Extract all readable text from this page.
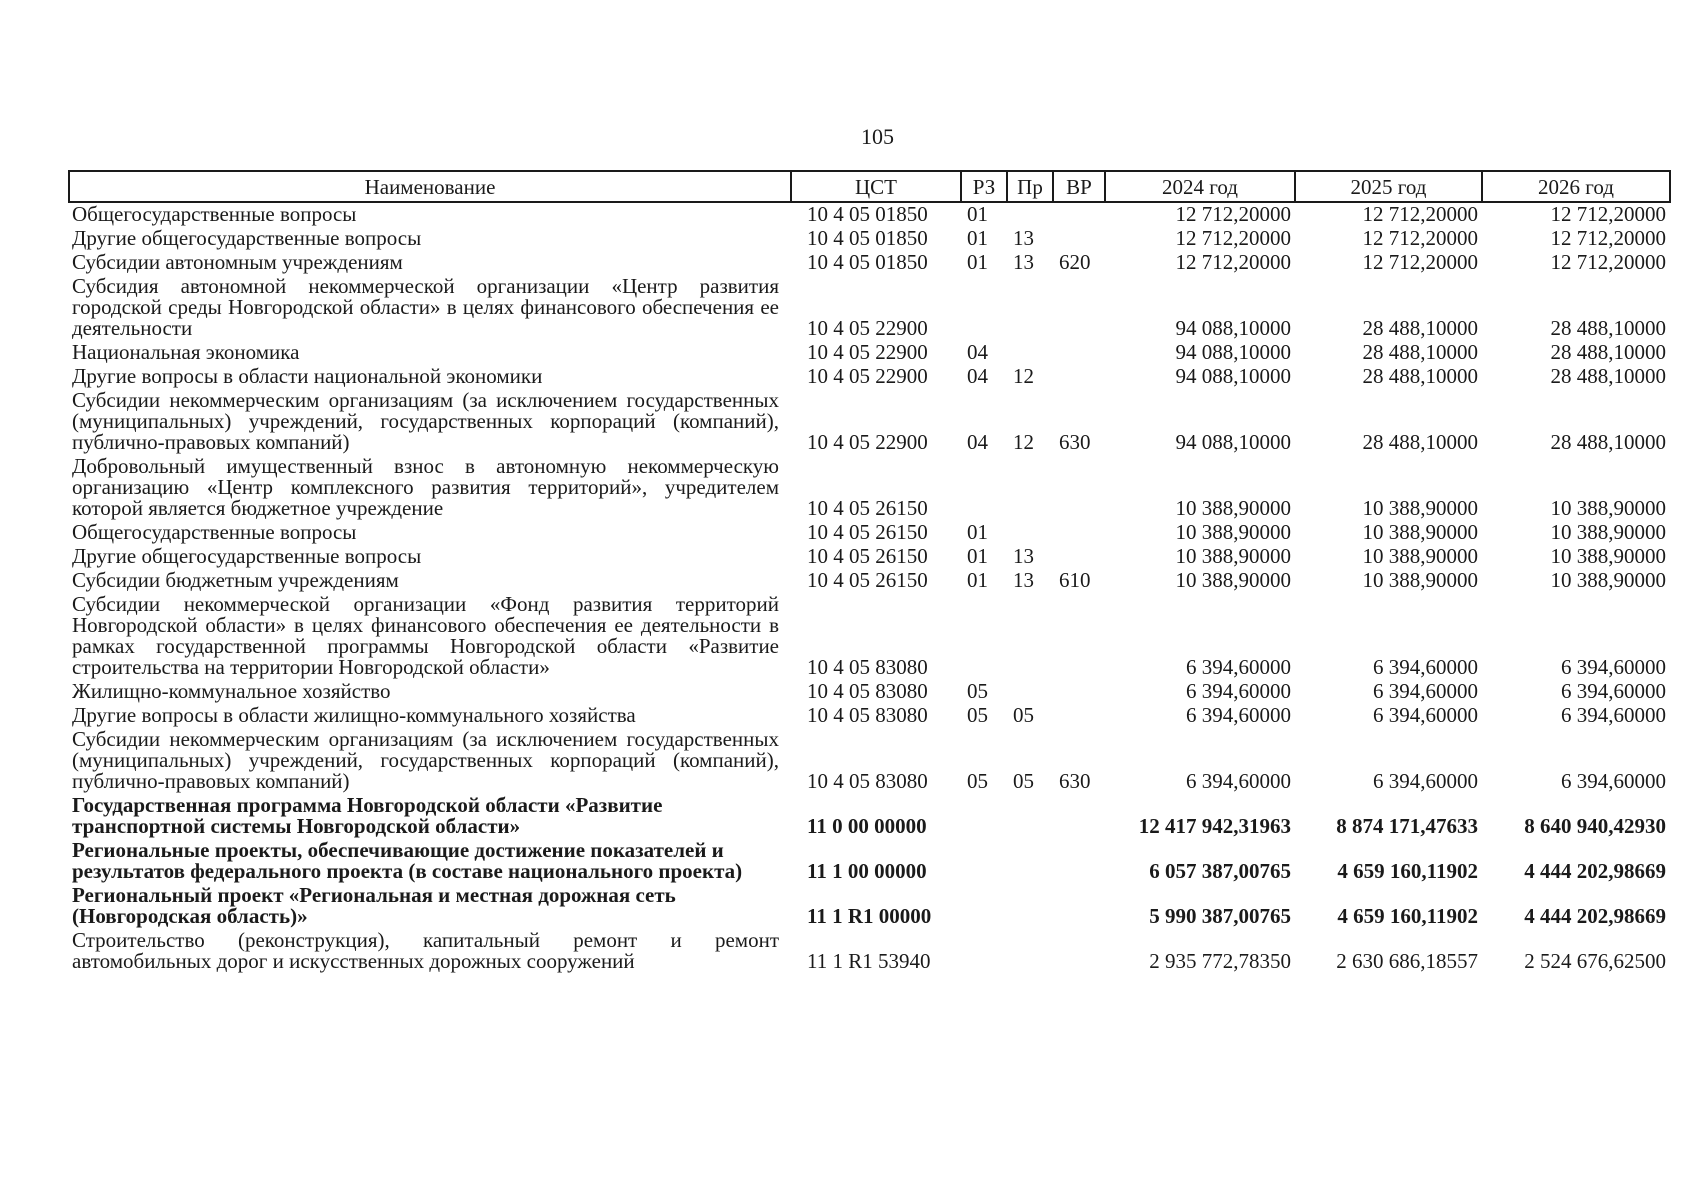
105
Наименование	ЦСТ	РЗ	Пр	ВР	2024 год	2025 год	2026 год
Общегосударственные вопросы	10 4 05 01850	01			12 712,20000	12 712,20000	12 712,20000
Другие общегосударственные вопросы	10 4 05 01850	01	13		12 712,20000	12 712,20000	12 712,20000
Субсидии автономным учреждениям	10 4 05 01850	01	13	620	12 712,20000	12 712,20000	12 712,20000
Субсидия автономной некоммерческой организации «Центр развития городской среды Новгородской области» в целях финансового обеспечения ее деятельности	10 4 05 22900				94 088,10000	28 488,10000	28 488,10000
Национальная экономика	10 4 05 22900	04			94 088,10000	28 488,10000	28 488,10000
Другие вопросы в области национальной экономики	10 4 05 22900	04	12		94 088,10000	28 488,10000	28 488,10000
Субсидии некоммерческим организациям (за исключением государственных (муниципальных) учреждений, государственных корпораций (компаний), публично-правовых компаний)	10 4 05 22900	04	12	630	94 088,10000	28 488,10000	28 488,10000
Добровольный имущественный взнос в автономную некоммерческую организацию «Центр комплексного развития территорий», учредителем которой является бюджетное учреждение	10 4 05 26150				10 388,90000	10 388,90000	10 388,90000
Общегосударственные вопросы	10 4 05 26150	01			10 388,90000	10 388,90000	10 388,90000
Другие общегосударственные вопросы	10 4 05 26150	01	13		10 388,90000	10 388,90000	10 388,90000
Субсидии бюджетным учреждениям	10 4 05 26150	01	13	610	10 388,90000	10 388,90000	10 388,90000
Субсидии некоммерческой организации «Фонд развития территорий Новгородской области» в целях финансового обеспечения ее деятельности в рамках государственной программы Новгородской области «Развитие строительства на территории Новгородской области»	10 4 05 83080				6 394,60000	6 394,60000	6 394,60000
Жилищно-коммунальное хозяйство	10 4 05 83080	05			6 394,60000	6 394,60000	6 394,60000
Другие вопросы в области жилищно-коммунального хозяйства	10 4 05 83080	05	05		6 394,60000	6 394,60000	6 394,60000
Субсидии некоммерческим организациям (за исключением государственных (муниципальных) учреждений, государственных корпораций (компаний), публично-правовых компаний)	10 4 05 83080	05	05	630	6 394,60000	6 394,60000	6 394,60000
Государственная программа Новгородской области «Развитие транспортной системы Новгородской области»	11 0 00 00000				12 417 942,31963	8 874 171,47633	8 640 940,42930
Региональные проекты, обеспечивающие достижение показателей и результатов федерального проекта (в составе национального проекта)	11 1 00 00000				6 057 387,00765	4 659 160,11902	4 444 202,98669
Региональный проект «Региональная и местная дорожная сеть (Новгородская область)»	11 1 R1 00000				5 990 387,00765	4 659 160,11902	4 444 202,98669
Строительство (реконструкция), капитальный ремонт и ремонт автомобильных дорог и искусственных дорожных сооружений	11 1 R1 53940				2 935 772,78350	2 630 686,18557	2 524 676,62500
